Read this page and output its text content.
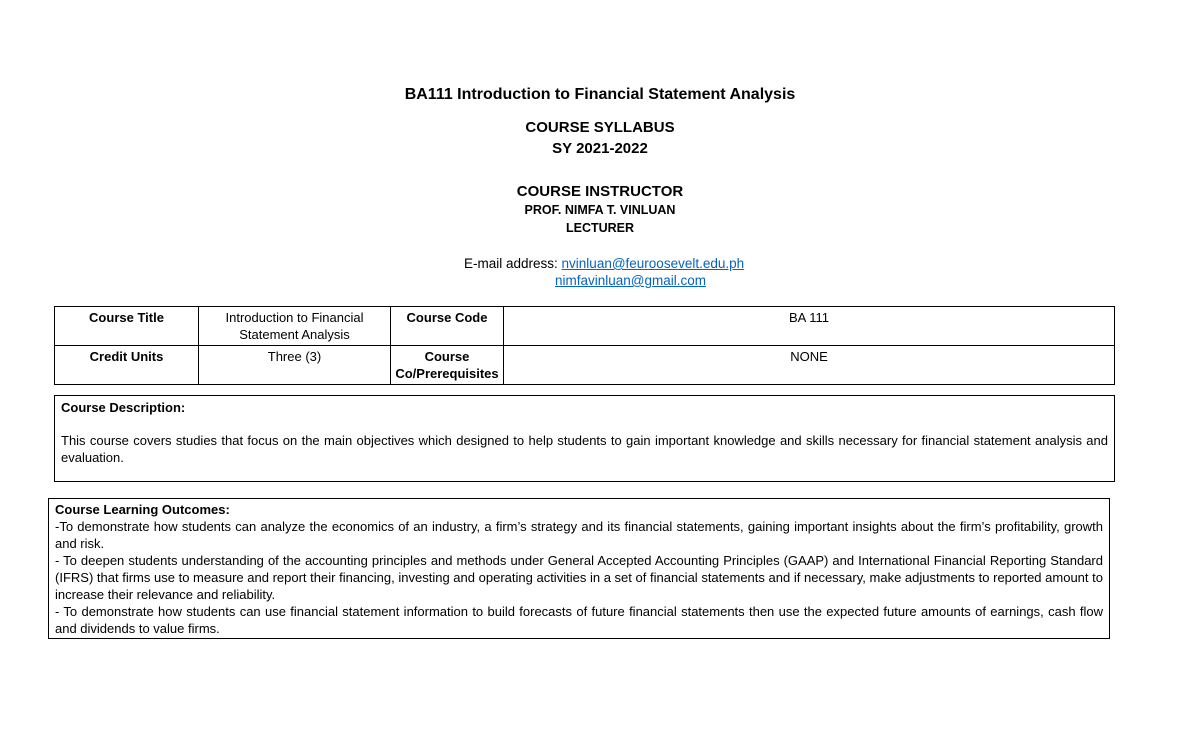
BA111 Introduction to Financial Statement Analysis
COURSE SYLLABUS
SY 2021-2022
COURSE INSTRUCTOR
PROF. NIMFA T. VINLUAN
LECTURER
E-mail address: nvinluan@feuroosevelt.edu.ph
nimfavinluan@gmail.com
Course Title	Introduction to Financial Statement Analysis	Course Code	BA 111
Credit Units	Three (3)	Course Co/Prerequisites	NONE
Course Description:

This course covers studies that focus on the main objectives which designed to help students to gain important knowledge and skills necessary for financial statement analysis and evaluation.

Course Learning Outcomes:
-To demonstrate how students can analyze the economics of an industry, a firm’s strategy and its financial statements, gaining important insights about the firm’s profitability, growth and risk.
- To deepen students understanding of the accounting principles and methods under General Accepted Accounting Principles (GAAP) and International Financial Reporting Standard (IFRS) that firms use to measure and report their financing, investing and operating activities in a set of financial statements and if necessary, make adjustments to reported amount to increase their relevance and reliability.
- To demonstrate how students can use financial statement information to build forecasts of future financial statements then use the expected future amounts of earnings, cash flow and dividends to value firms.
